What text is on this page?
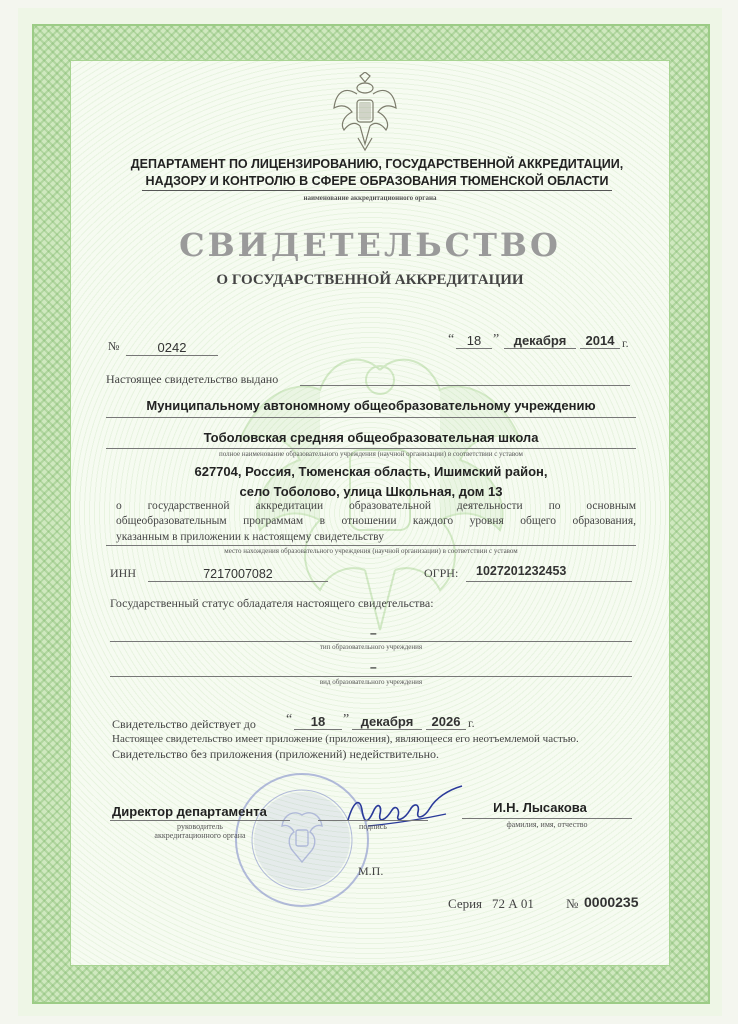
ДЕПАРТАМЕНТ ПО ЛИЦЕНЗИРОВАНИЮ, ГОСУДАРСТВЕННОЙ АККРЕДИТАЦИИ,
НАДЗОРУ И КОНТРОЛЮ В СФЕРЕ ОБРАЗОВАНИЯ ТЮМЕНСКОЙ ОБЛАСТИ
наименование аккредитационного органа
СВИДЕТЕЛЬСТВО
О ГОСУДАРСТВЕННОЙ АККРЕДИТАЦИИ
№	0242
“ 18 ”	декабря	2014 г.
Настоящее свидетельство выдано
Муниципальному автономному общеобразовательному учреждению
Тоболовская средняя общеобразовательная школа
полное наименование образовательного учреждения (научной организации) в соответствии с уставом
627704, Россия, Тюменская область, Ишимский район,
село Тоболово, улица Школьная, дом 13
о государственной аккредитации образовательной деятельности по основным
общеобразовательным программам в отношении каждого уровня общего образования,
указанным в приложении к настоящему свидетельству
место нахождения образовательного учреждения (научной организации) в соответствии с уставом
ИНН	7217007082	ОГРН: 1027201232453
Государственный статус обладателя настоящего свидетельства:
–
тип образовательного учреждения
–
вид образовательного учреждения
Свидетельство действует до “	18	” декабря	2026 г.
Настоящее свидетельство имеет приложение (приложения), являющееся его неотъемлемой частью.
Свидетельство без приложения (приложений) недействительно.
Директор департамента
руководитель
аккредитационного органа
подпись
И.Н. Лысакова
фамилия, имя, отчество
М.П.
Серия 72 А 01 № 0000235
